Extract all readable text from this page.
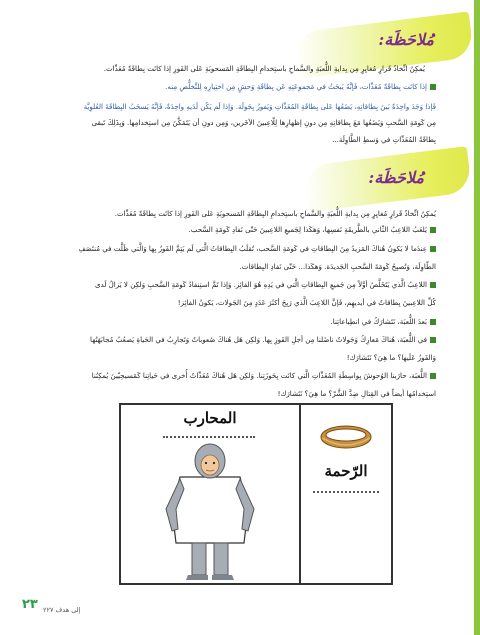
مُلاحَظَة:
يُمكِنُ اتِّخاذُ قَرارٍ مُغايِرٍ مِن بِدايةِ اللُّعبَةِ والسَّماحِ باستِخدامِ البِطاقَةِ المَسحوبَةِ عَلى الفَورِ إذا كانَت بِطاقَةً مُعَدِّات.
إذا كانَت بِطاقَةً مُعَدِّات، فَإنَّهُ يَبحَثُ في مَجموعَتِهِ عَن بِطاقَةِ وَحشٍ مِن اختِيارِهِ لِلتَّخلُّصِ مِنه.
فَإذا وَجَدَ واحِدَةً بَينَ بِطاقاتِهِ، يَضَعُها عَلى بِطاقَةِ المُعَدِّاتِ وَيَفوزُ بِجَولَة. وَإذا لَم يَكُن لَدَيهِ واحِدَةٌ، فَإنَّهُ يَسحَبُ البِطاقَةَ العُلوِيَّة
مِن كَومَةِ السَّحبِ وَيَضَعُها مَعَ بِطاقاتِهِ مِن دونِ إظهارِها لِلّاعِبينَ الآخَرين، وَمِن دونِ أن يَتَمَكَّنَ مِن استِخدامِها. وَبِذَلِكَ تَبقى
بِطاقَةُ المُعَدِّاتِ في وَسطِ الطَّاوِلَة...
مُلاحَظَة:
يُمكِنُ اتِّخاذُ قَرارٍ مُغايِرٍ مِن بِدايةِ اللُّعبَةِ والسَّماحِ باستِخدامِ البِطاقَةِ المَسحوبَةِ عَلى الفَورِ إذا كانَت بِطاقَةً مُعَدِّات.
يَلعَبُ اللاعِبُ الثّاني بالطَّريقَةِ نَفسِها، وَهكَذا لِجَميعِ اللاعِبينَ حَتّى نَفادِ كَومَةِ السَّحب.
عِندَما لا يَكونُ هُناكَ المَزيدُ مِنَ البِطاقاتِ في كَومَةِ السَّحب، تُقلَبُ البِطاقاتُ الَّتي لَم يَتِمَّ الفَوزُ بِها وَالَّتي ظَلَّت في مُنتَصَفِ
الطّاوِلَة، وَتُصبِحُ كَومَةَ السَّحبِ الجَديدَة. وَهكَذا... حَتّى نَفادِ البِطاقات.
اللاعِبُ الَّذي يَتَخَلَّصُ أوَّلاً مِن جَميعِ البِطاقاتِ الَّتي في يَدِهِ هُوَ الفائِز. وَإذا تَمَّ استِنفادُ كَومَةِ السَّحبِ وَلكِن لا يَزالُ لَدى
كُلِّ اللاعِبينَ بِطاقاتٌ في أيديهِم، فَإنَّ اللاعِبَ الَّذي رَبِحَ أكثَرَ عَدَدٍ مِنَ الجَولات، يَكونُ الفائِز!
بَعدَ اللُّعبَة، نَتَشارَكُ في انطِباعاتِنا.
في اللُّعبَة، هُناكَ مَعارِكُ وَجَولاتٌ ناضَلنا مِن أجلِ الفَوزِ بِها. وَلكِن هَل هُناكَ صُعوباتٌ وَتَجارِبُ في الحَياةِ يَصعُبُ مُجابَهَتُها
وَالفَوزُ عَلَيها؟ ما هِيَ؟ نَتَشارَك!
اللُّعبَة، حارَبنا الوُحوشَ بِواسِطَةِ المُعَدِّاتِ الَّتي كانَت بِحَوزَتِنا. وَلكِن هَل هُناكَ مُعَدِّاتٌ أُخرى في حَياتِنا كَمَسيحِيّينَ يُمكِنُنا
استِخدامُها أيضاً في القِتالِ ضِدَّ الشَّرّ؟ ما هِيَ؟ نَتَشارَك!
المحارب
الرّحمة
٢٣ إلى هدف ٢٢٧
